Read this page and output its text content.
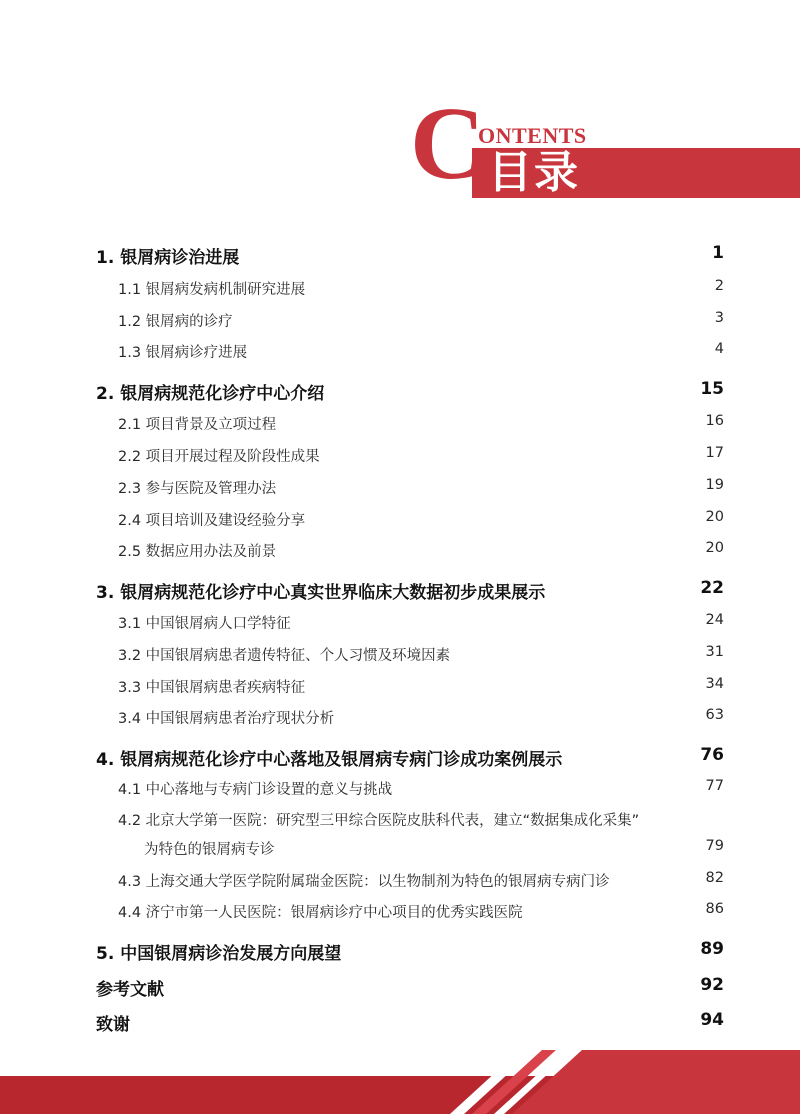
C
ONTENTS
目录
1. 银屑病诊治进展	1
1.1 银屑病发病机制研究进展	2
1.2 银屑病的诊疗	3
1.3 银屑病诊疗进展	4
2. 银屑病规范化诊疗中心介绍	15
2.1 项目背景及立项过程	16
2.2 项目开展过程及阶段性成果	17
2.3 参与医院及管理办法	19
2.4 项目培训及建设经验分享	20
2.5 数据应用办法及前景	20
3. 银屑病规范化诊疗中心真实世界临床大数据初步成果展示	22
3.1 中国银屑病人口学特征	24
3.2 中国银屑病患者遗传特征、个人习惯及环境因素	31
3.3 中国银屑病患者疾病特征	34
3.4 中国银屑病患者治疗现状分析	63
4. 银屑病规范化诊疗中心落地及银屑病专病门诊成功案例展示	76
4.1 中心落地与专病门诊设置的意义与挑战	77
4.2 北京大学第一医院：研究型三甲综合医院皮肤科代表，建立“数据集成化采集”
为特色的银屑病专诊	79
4.3 上海交通大学医学院附属瑞金医院：以生物制剂为特色的银屑病专病门诊	82
4.4 济宁市第一人民医院：银屑病诊疗中心项目的优秀实践医院	86
5. 中国银屑病诊治发展方向展望	89
参考文献	92
致谢	94
